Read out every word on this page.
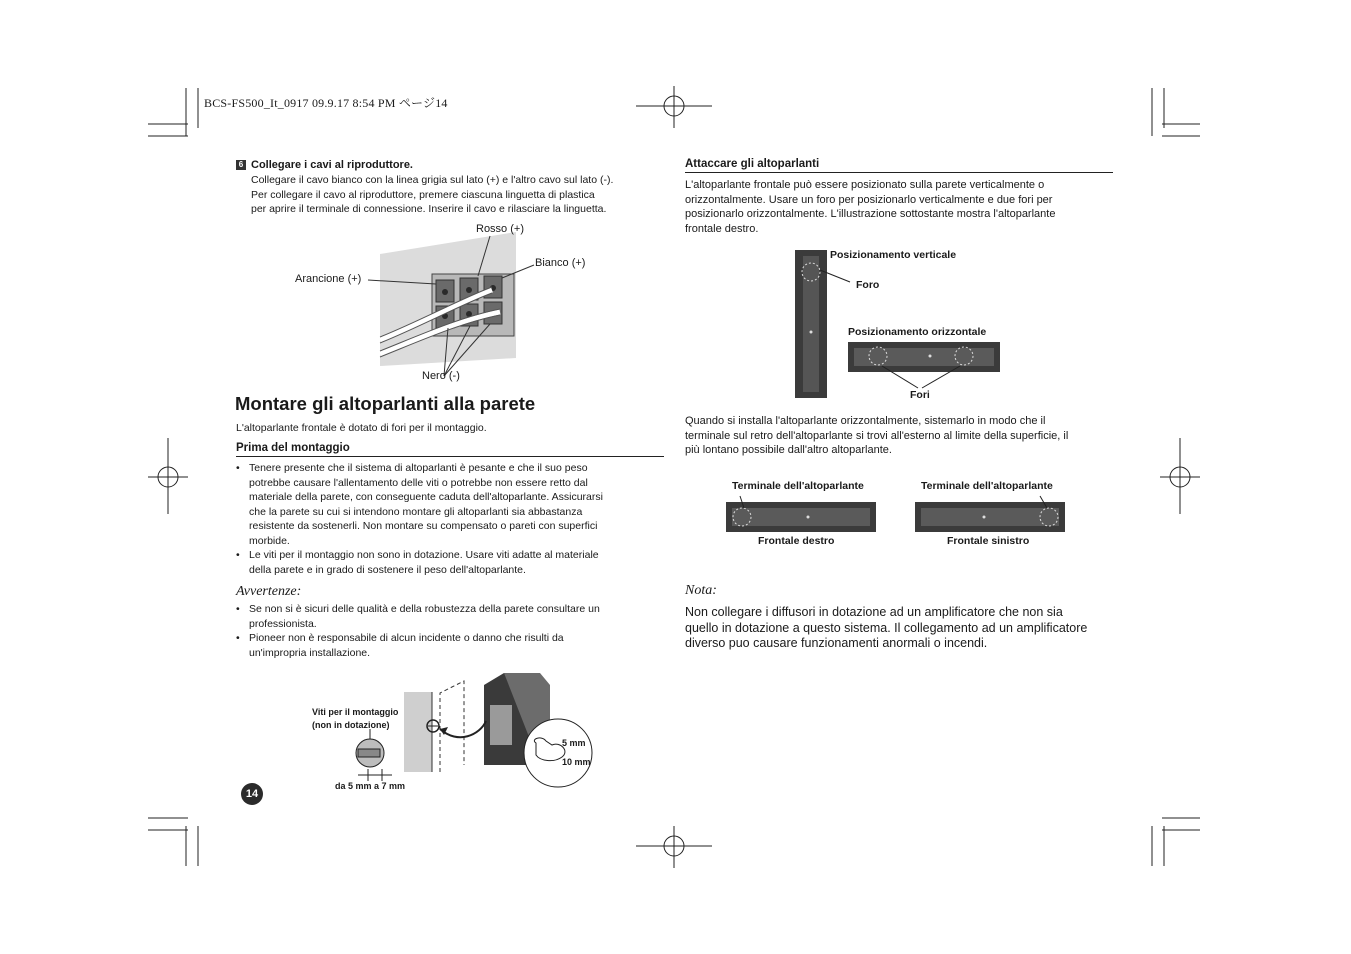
BCS-FS500_It_0917 09.9.17 8:54 PM ページ14
6 Collegare i cavi al riproduttore.
Collegare il cavo bianco con la linea grigia sul lato (+) e l'altro cavo sul lato (-).
Per collegare il cavo al riproduttore, premere ciascuna linguetta di plastica
per aprire il terminale di connessione. Inserire il cavo e rilasciare la linguetta.
Rosso (+)
Bianco (+)
Arancione (+)
Nero (-)
Montare gli altoparlanti alla parete
L'altoparlante frontale è dotato di fori per il montaggio.
Prima del montaggio
• Tenere presente che il sistema di altoparlanti è pesante e che il suo peso
potrebbe causare l'allentamento delle viti o potrebbe non essere retto dal
materiale della parete, con conseguente caduta dell'altoparlante. Assicurarsi
che la parete su cui si intendono montare gli altoparlanti sia abbastanza
resistente da sostenerli. Non montare su compensato o pareti con superfici
morbide.
• Le viti per il montaggio non sono in dotazione. Usare viti adatte al materiale
della parete e in grado di sostenere il peso dell'altoparlante.
Avvertenze:
• Se non si è sicuri delle qualità e della robustezza della parete consultare un
professionista.
• Pioneer non è responsabile di alcun incidente o danno che risulti da
un'impropria installazione.
Viti per il montaggio
(non in dotazione)
5 mm
10 mm
da 5 mm a 7 mm
14
Attaccare gli altoparlanti
L'altoparlante frontale può essere posizionato sulla parete verticalmente o
orizzontalmente. Usare un foro per posizionarlo verticalmente e due fori per
posizionarlo orizzontalmente. L'illustrazione sottostante mostra l'altoparlante
frontale destro.
Posizionamento verticale
Foro
Posizionamento orizzontale
Fori
Quando si installa l'altoparlante orizzontalmente, sistemarlo in modo che il
terminale sul retro dell'altoparlante si trovi all'esterno al limite della superficie, il
più lontano possibile dall'altro altoparlante.
Terminale dell'altoparlante	Terminale dell'altoparlante
Frontale destro	Frontale sinistro
Nota:
Non collegare i diffusori in dotazione ad un amplificatore che non sia
quello in dotazione a questo sistema. Il collegamento ad un amplificatore
diverso puo causare funzionamenti anormali o incendi.
